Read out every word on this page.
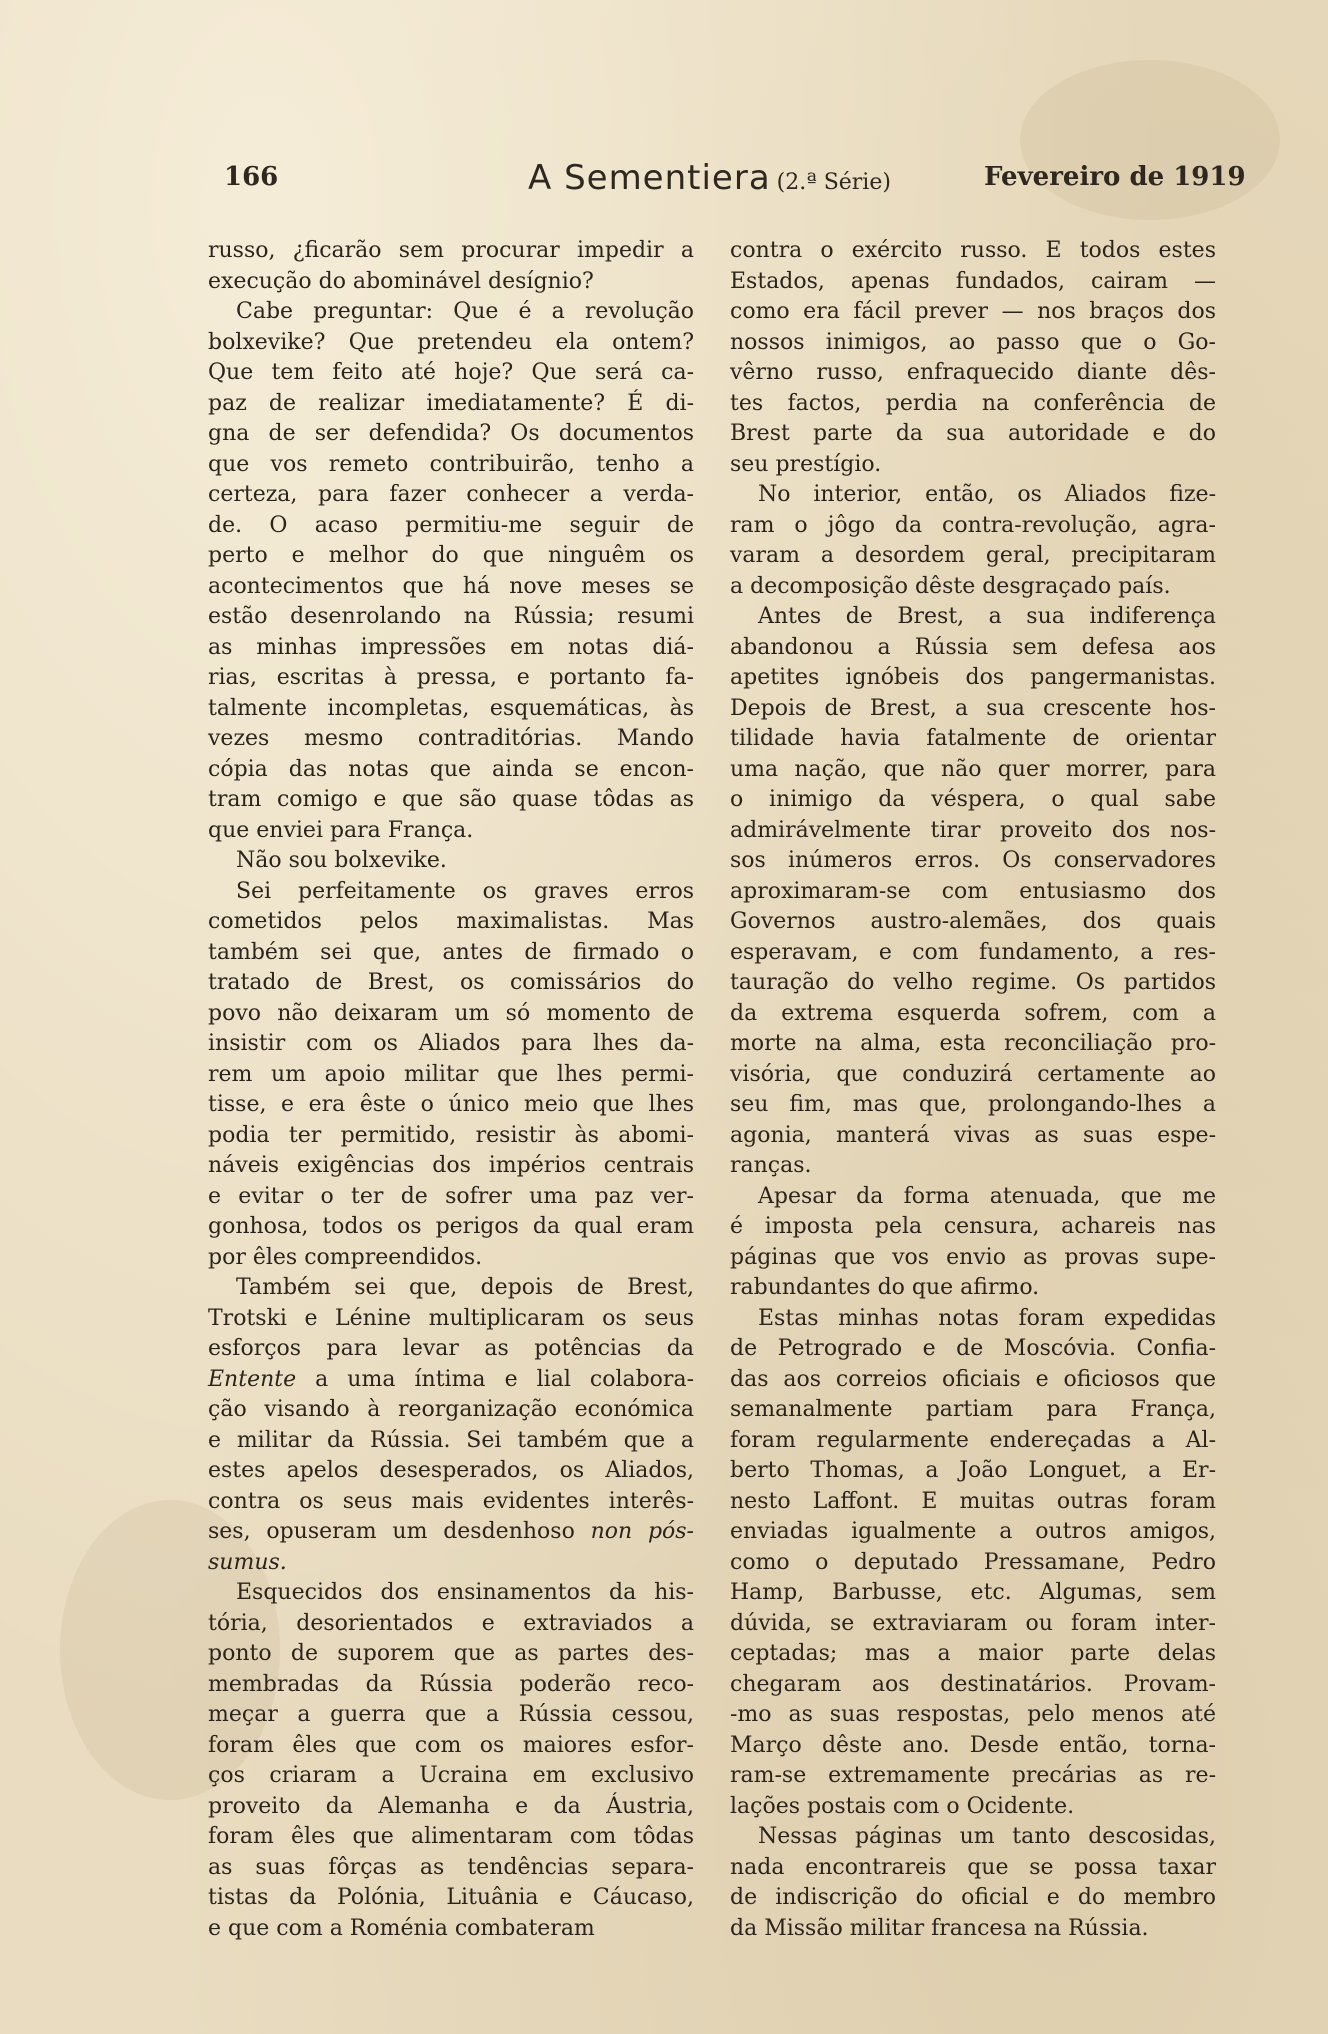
166	A Sementiera (2.ª Série)	Fevereiro de 1919
russo, ¿ficarão sem procurar impedir a
execução do abominável desígnio?
Cabe preguntar: Que é a revolução
bolxevike? Que pretendeu ela ontem?
Que tem feito até hoje? Que será ca-
paz de realizar imediatamente? É di-
gna de ser defendida? Os documentos
que vos remeto contribuirão, tenho a
certeza, para fazer conhecer a verda-
de. O acaso permitiu-me seguir de
perto e melhor do que ninguêm os
acontecimentos que há nove meses se
estão desenrolando na Rússia; resumi
as minhas impressões em notas diá-
rias, escritas à pressa, e portanto fa-
talmente incompletas, esquemáticas, às
vezes mesmo contraditórias. Mando
cópia das notas que ainda se encon-
tram comigo e que são quase tôdas as
que enviei para França.
Não sou bolxevike.
Sei perfeitamente os graves erros
cometidos pelos maximalistas. Mas
também sei que, antes de firmado o
tratado de Brest, os comissários do
povo não deixaram um só momento de
insistir com os Aliados para lhes da-
rem um apoio militar que lhes permi-
tisse, e era êste o único meio que lhes
podia ter permitido, resistir às abomi-
náveis exigências dos impérios centrais
e evitar o ter de sofrer uma paz ver-
gonhosa, todos os perigos da qual eram
por êles compreendidos.
Também sei que, depois de Brest,
Trotski e Lénine multiplicaram os seus
esforços para levar as potências da
Entente a uma íntima e lial colabora-
ção visando à reorganização económica
e militar da Rússia. Sei também que a
estes apelos desesperados, os Aliados,
contra os seus mais evidentes interês-
ses, opuseram um desdenhoso non pós-
sumus.
Esquecidos dos ensinamentos da his-
tória, desorientados e extraviados a
ponto de suporem que as partes des-
membradas da Rússia poderão reco-
meçar a guerra que a Rússia cessou,
foram êles que com os maiores esfor-
ços criaram a Ucraina em exclusivo
proveito da Alemanha e da Áustria,
foram êles que alimentaram com tôdas
as suas fôrças as tendências separa-
tistas da Polónia, Lituânia e Cáucaso,
e que com a Roménia combateram
contra o exército russo. E todos estes
Estados, apenas fundados, cairam —
como era fácil prever — nos braços dos
nossos inimigos, ao passo que o Go-
vêrno russo, enfraquecido diante dês-
tes factos, perdia na conferência de
Brest parte da sua autoridade e do
seu prestígio.
No interior, então, os Aliados fize-
ram o jôgo da contra-revolução, agra-
varam a desordem geral, precipitaram
a decomposição dêste desgraçado país.
Antes de Brest, a sua indiferença
abandonou a Rússia sem defesa aos
apetites ignóbeis dos pangermanistas.
Depois de Brest, a sua crescente hos-
tilidade havia fatalmente de orientar
uma nação, que não quer morrer, para
o inimigo da véspera, o qual sabe
admirávelmente tirar proveito dos nos-
sos inúmeros erros. Os conservadores
aproximaram-se com entusiasmo dos
Governos austro-alemães, dos quais
esperavam, e com fundamento, a res-
tauração do velho regime. Os partidos
da extrema esquerda sofrem, com a
morte na alma, esta reconciliação pro-
visória, que conduzirá certamente ao
seu fim, mas que, prolongando-lhes a
agonia, manterá vivas as suas espe-
ranças.
Apesar da forma atenuada, que me
é imposta pela censura, achareis nas
páginas que vos envio as provas supe-
rabundantes do que afirmo.
Estas minhas notas foram expedidas
de Petrogrado e de Moscóvia. Confia-
das aos correios oficiais e oficiosos que
semanalmente partiam para França,
foram regularmente endereçadas a Al-
berto Thomas, a João Longuet, a Er-
nesto Laffont. E muitas outras foram
enviadas igualmente a outros amigos,
como o deputado Pressamane, Pedro
Hamp, Barbusse, etc. Algumas, sem
dúvida, se extraviaram ou foram inter-
ceptadas; mas a maior parte delas
chegaram aos destinatários. Provam-
-mo as suas respostas, pelo menos até
Março dêste ano. Desde então, torna-
ram-se extremamente precárias as re-
lações postais com o Ocidente.
Nessas páginas um tanto descosidas,
nada encontrareis que se possa taxar
de indiscrição do oficial e do membro
da Missão militar francesa na Rússia.
